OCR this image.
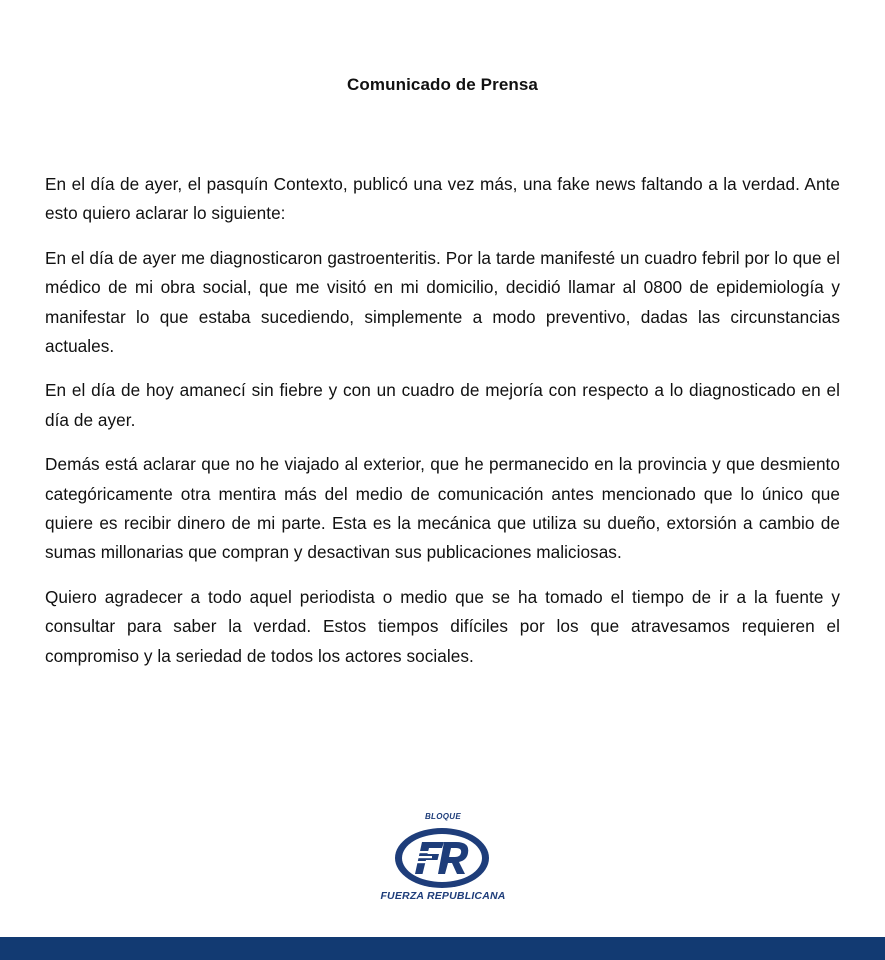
Comunicado de Prensa

En el día de ayer, el pasquín Contexto, publicó una vez más, una fake news faltando a la verdad. Ante esto quiero aclarar lo siguiente:

En el día de ayer me diagnosticaron gastroenteritis. Por la tarde manifesté un cuadro febril por lo que el médico de mi obra social, que me visitó en mi domicilio, decidió llamar al 0800 de epidemiología y manifestar lo que estaba sucediendo, simplemente a modo preventivo, dadas las circunstancias actuales.

En el día de hoy amanecí sin fiebre y con un cuadro de mejoría con respecto a lo diagnosticado en el día de ayer.

Demás está aclarar que no he viajado al exterior, que he permanecido en la provincia y que desmiento categóricamente otra mentira más del medio de comunicación antes mencionado que lo único que quiere es recibir dinero de mi parte. Esta es la mecánica que utiliza su dueño, extorsión a cambio de sumas millonarias que compran y desactivan sus publicaciones maliciosas.

Quiero agradecer a todo aquel periodista o medio que se ha tomado el tiempo de ir a la fuente y consultar para saber la verdad. Estos tiempos difíciles por los que atravesamos requieren el compromiso y la seriedad de todos los actores sociales.

BLOQUE
FUERZA REPUBLICANA
